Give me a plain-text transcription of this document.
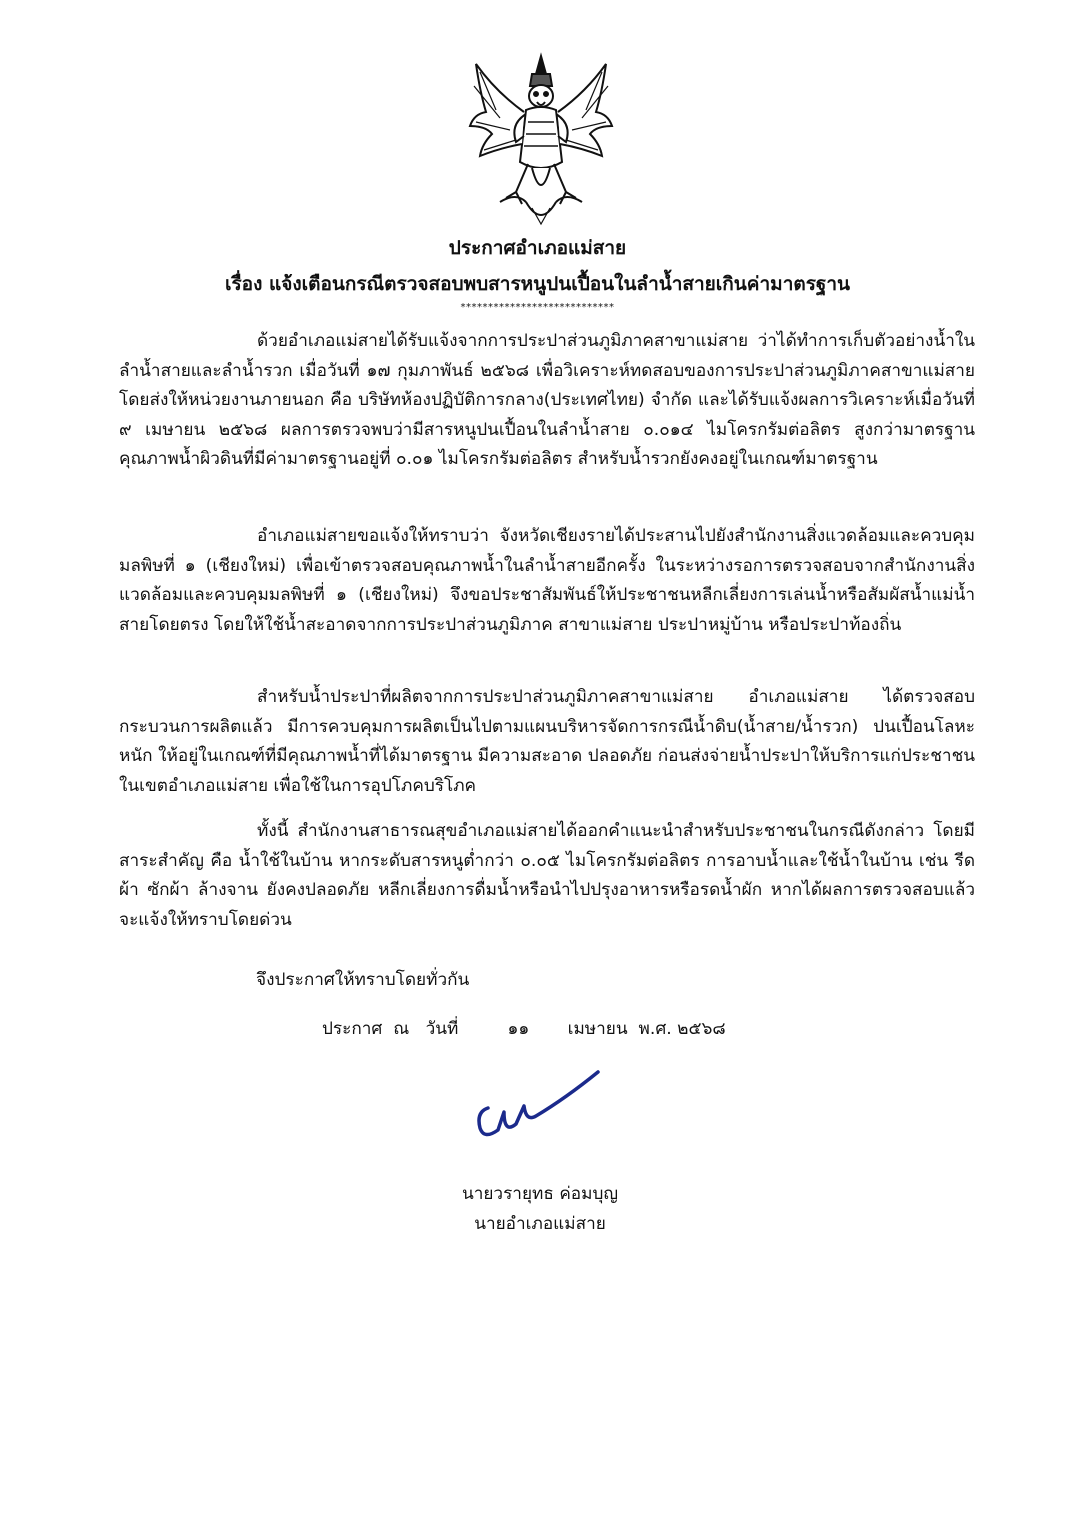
ประกาศอำเภอแม่สาย
เรื่อง แจ้งเตือนกรณีตรวจสอบพบสารหนูปนเปื้อนในลำน้ำสายเกินค่ามาตรฐาน
****************************

ด้วยอำเภอแม่สายได้รับแจ้งจากการประปาส่วนภูมิภาคสาขาแม่สาย ว่าได้ทำการเก็บตัวอย่างน้ำในลำน้ำสายและลำน้ำรวก เมื่อวันที่ ๑๗ กุมภาพันธ์ ๒๕๖๘ เพื่อวิเคราะห์ทดสอบของการประปาส่วนภูมิภาคสาขาแม่สาย โดยส่งให้หน่วยงานภายนอก คือ บริษัทห้องปฏิบัติการกลาง(ประเทศไทย) จำกัด และได้รับแจ้งผลการวิเคราะห์เมื่อวันที่ ๙ เมษายน ๒๕๖๘ ผลการตรวจพบว่ามีสารหนูปนเปื้อนในลำน้ำสาย ๐.๐๑๔ ไมโครกรัมต่อลิตร สูงกว่ามาตรฐานคุณภาพน้ำผิวดินที่มีค่ามาตรฐานอยู่ที่ ๐.๐๑ ไมโครกรัมต่อลิตร สำหรับน้ำรวกยังคงอยู่ในเกณฑ์มาตรฐาน

อำเภอแม่สายขอแจ้งให้ทราบว่า จังหวัดเชียงรายได้ประสานไปยังสำนักงานสิ่งแวดล้อมและควบคุมมลพิษที่ ๑ (เชียงใหม่) เพื่อเข้าตรวจสอบคุณภาพน้ำในลำน้ำสายอีกครั้ง ในระหว่างรอการตรวจสอบจากสำนักงานสิ่งแวดล้อมและควบคุมมลพิษที่ ๑ (เชียงใหม่) จึงขอประชาสัมพันธ์ให้ประชาชนหลีกเลี่ยงการเล่นน้ำหรือสัมผัสน้ำแม่น้ำสายโดยตรง โดยให้ใช้น้ำสะอาดจากการประปาส่วนภูมิภาค สาขาแม่สาย ประปาหมู่บ้าน หรือประปาท้องถิ่น

สำหรับน้ำประปาที่ผลิตจากการประปาส่วนภูมิภาคสาขาแม่สาย อำเภอแม่สาย ได้ตรวจสอบกระบวนการผลิตแล้ว มีการควบคุมการผลิตเป็นไปตามแผนบริหารจัดการกรณีน้ำดิบ(น้ำสาย/น้ำรวก) ปนเปื้อนโลหะหนัก ให้อยู่ในเกณฑ์ที่มีคุณภาพน้ำที่ได้มาตรฐาน มีความสะอาด ปลอดภัย ก่อนส่งจ่ายน้ำประปาให้บริการแก่ประชาชนในเขตอำเภอแม่สาย เพื่อใช้ในการอุปโภคบริโภค

ทั้งนี้ สำนักงานสาธารณสุขอำเภอแม่สายได้ออกคำแนะนำสำหรับประชาชนในกรณีดังกล่าว โดยมีสาระสำคัญ คือ น้ำใช้ในบ้าน หากระดับสารหนูต่ำกว่า ๐.๐๕ ไมโครกรัมต่อลิตร การอาบน้ำและใช้น้ำในบ้าน เช่น รีดผ้า ซักผ้า ล้างจาน ยังคงปลอดภัย หลีกเลี่ยงการดื่มน้ำหรือนำไปปรุงอาหารหรือรดน้ำผัก หากได้ผลการตรวจสอบแล้วจะแจ้งให้ทราบโดยด่วน

จึงประกาศให้ทราบโดยทั่วกัน
ประกาศ  ณ   วันที่	๑๑ เมษายน  พ.ศ. ๒๕๖๘
นายวรายุทธ ค่อมบุญ
นายอำเภอแม่สาย
